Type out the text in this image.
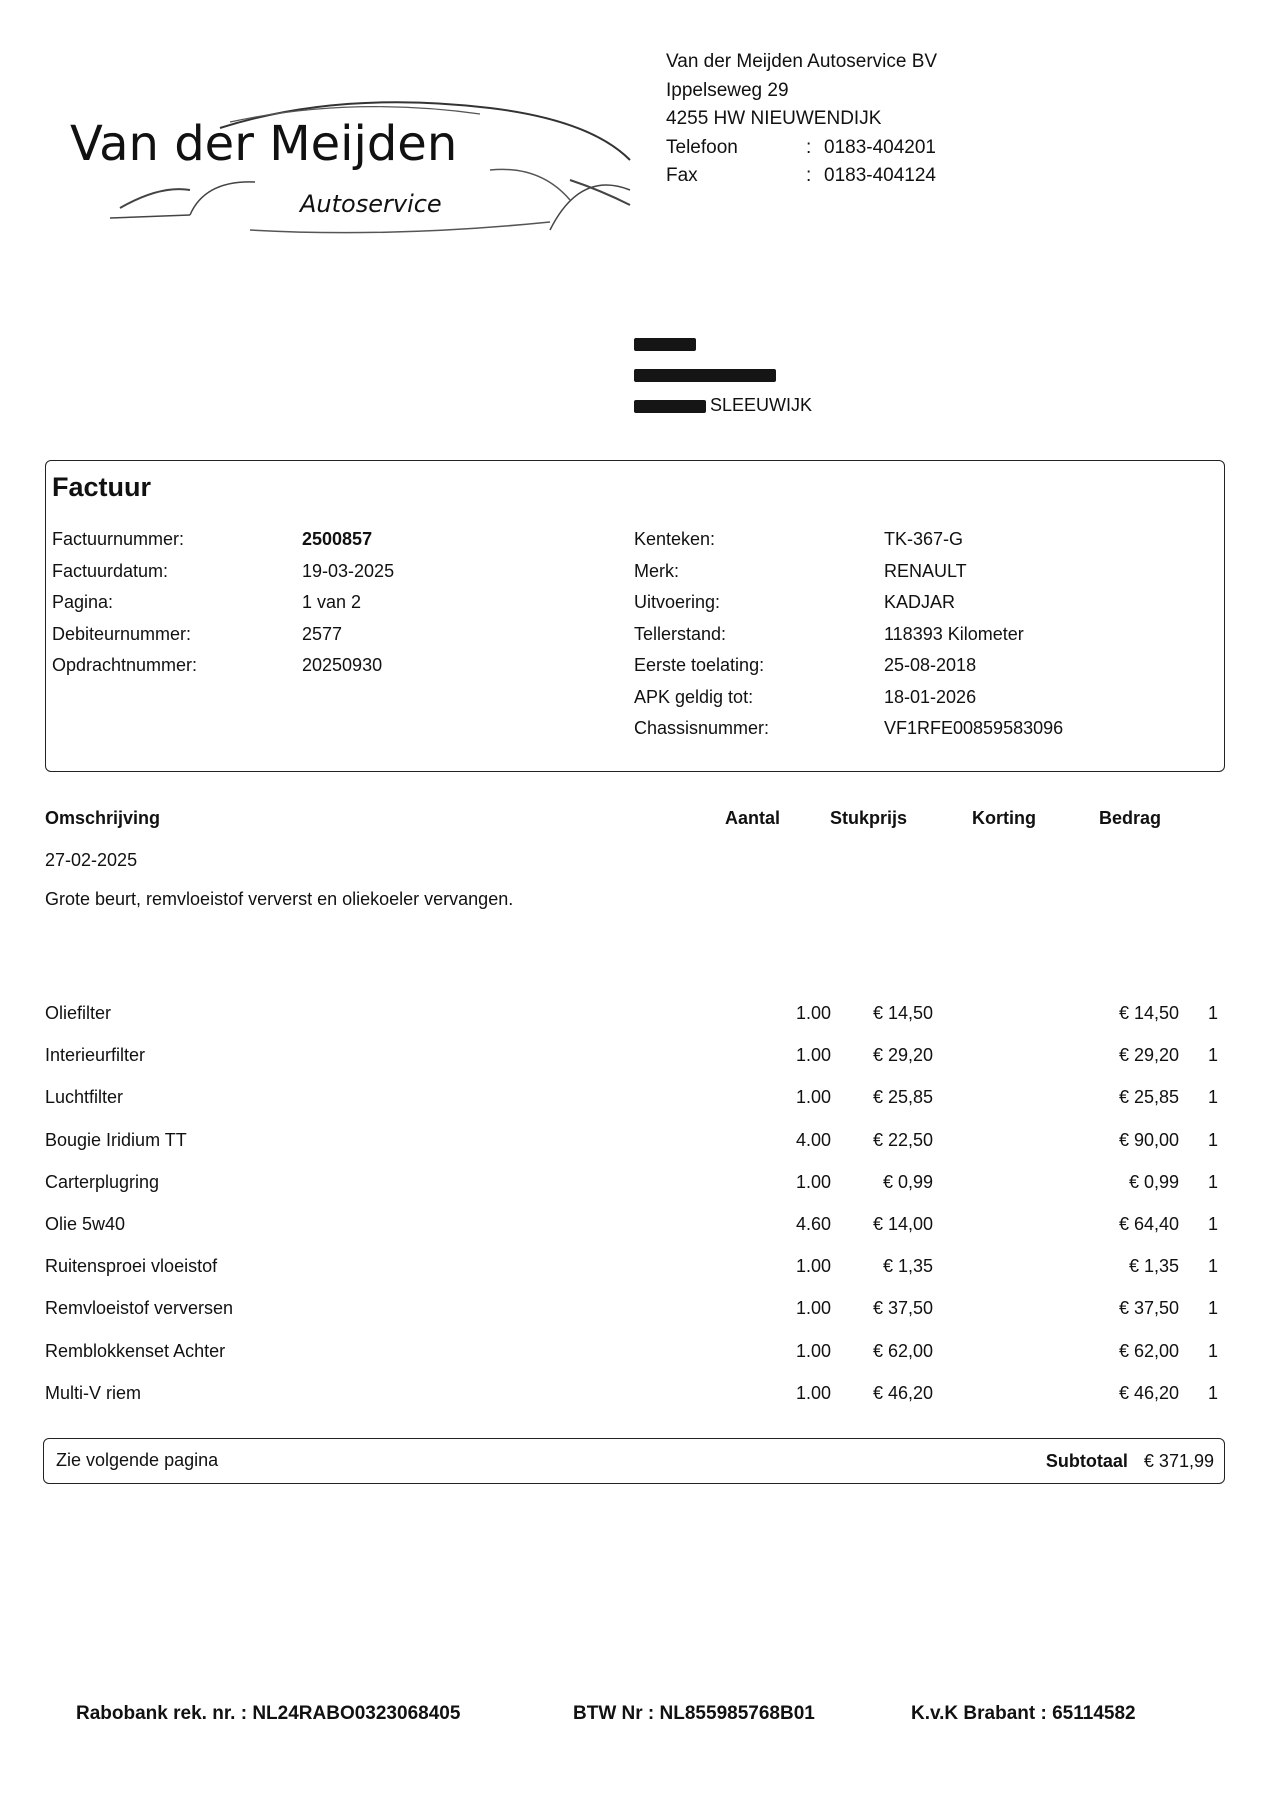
Van der Meijden
Autoservice
Van der Meijden Autoservice BV
Ippelseweg 29
4255 HW NIEUWENDIJK
Telefoon	: 0183-404201
Fax	: 0183-404124
SLEEUWIJK
Factuur
Factuurnummer:	2500857
Factuurdatum:	19-03-2025
Pagina:	1 van 2
Debiteurnummer:	2577
Opdrachtnummer:	20250930
Kenteken:	TK-367-G
Merk:	RENAULT
Uitvoering:	KADJAR
Tellerstand:	118393 Kilometer
Eerste toelating:	25-08-2018
APK geldig tot:	18-01-2026
Chassisnummer:	VF1RFE00859583096
Omschrijving	Aantal	Stukprijs	Korting	Bedrag
27-02-2025
Grote beurt, remvloeistof ververst en oliekoeler vervangen.
Oliefilter	1.00 € 14,50	€ 14,50 1
Interieurfilter	1.00 € 29,20	€ 29,20 1
Luchtfilter	1.00 € 25,85	€ 25,85 1
Bougie Iridium TT	4.00 € 22,50	€ 90,00 1
Carterplugring	1.00	€ 0,99	€ 0,99 1
Olie 5w40	4.60 € 14,00	€ 64,40 1
Ruitensproei vloeistof	1.00	€ 1,35	€ 1,35 1
Remvloeistof verversen	1.00 € 37,50	€ 37,50 1
Remblokkenset Achter	1.00 € 62,00	€ 62,00 1
Multi-V riem	1.00 € 46,20	€ 46,20 1
Zie volgende pagina	Subtotaal € 371,99
Rabobank rek. nr. : NL24RABO0323068405	BTW Nr : NL855985768B01	K.v.K Brabant : 65114582
